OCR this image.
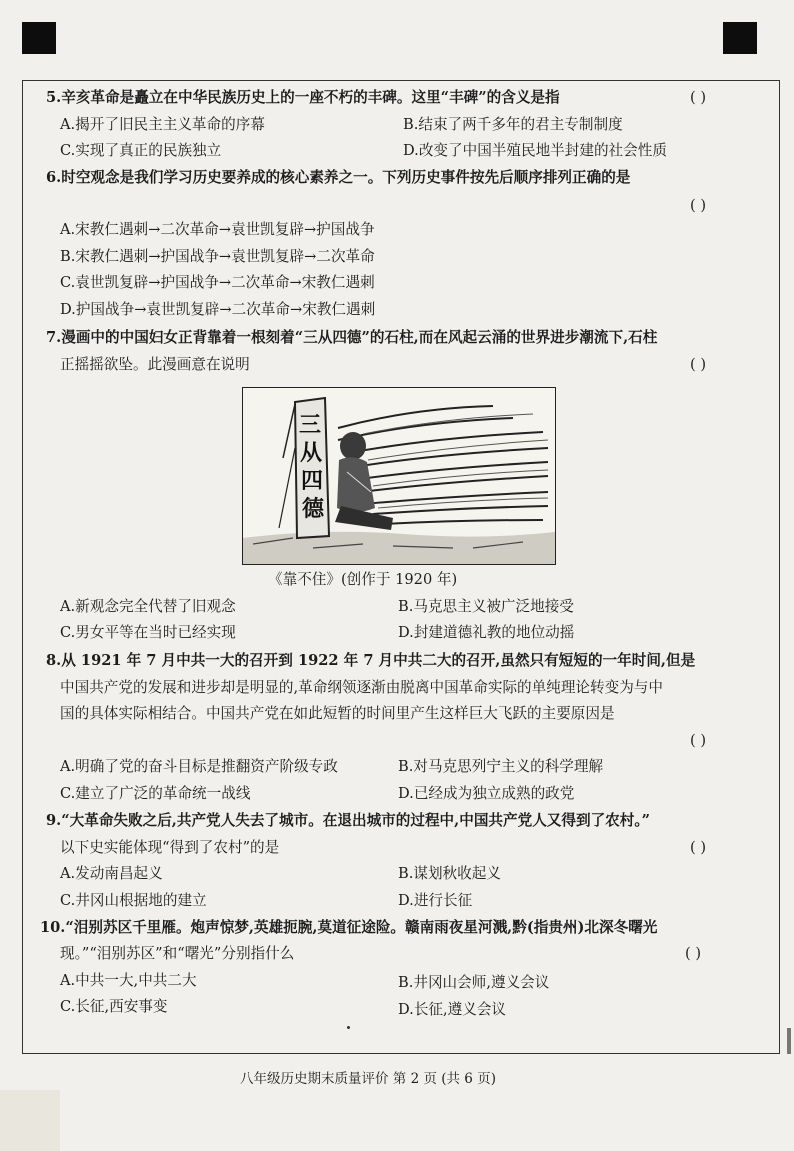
5.辛亥革命是矗立在中华民族历史上的一座不朽的丰碑。这里“丰碑”的含义是指	( )
A.揭开了旧民主主义革命的序幕	B.结束了两千多年的君主专制制度
C.实现了真正的民族独立	D.改变了中国半殖民地半封建的社会性质
6.时空观念是我们学习历史要养成的核心素养之一。下列历史事件按先后顺序排列正确的是
( )
A.宋教仁遇刺→二次革命→袁世凯复辟→护国战争
B.宋教仁遇刺→护国战争→袁世凯复辟→二次革命
C.袁世凯复辟→护国战争→二次革命→宋教仁遇刺
D.护国战争→袁世凯复辟→二次革命→宋教仁遇刺
7.漫画中的中国妇女正背靠着一根刻着“三从四德”的石柱,而在风起云涌的世界进步潮流下,石柱
正摇摇欲坠。此漫画意在说明	( )
三
从
四
德
《靠不住》(创作于 1920 年)
A.新观念完全代替了旧观念	B.马克思主义被广泛地接受
C.男女平等在当时已经实现	D.封建道德礼教的地位动摇
8.从 1921 年 7 月中共一大的召开到 1922 年 7 月中共二大的召开,虽然只有短短的一年时间,但是
中国共产党的发展和进步却是明显的,革命纲领逐渐由脱离中国革命实际的单纯理论转变为与中
国的具体实际相结合。中国共产党在如此短暂的时间里产生这样巨大飞跃的主要原因是
( )
A.明确了党的奋斗目标是推翻资产阶级专政	B.对马克思列宁主义的科学理解
C.建立了广泛的革命统一战线	D.已经成为独立成熟的政党
9.“大革命失败之后,共产党人失去了城市。在退出城市的过程中,中国共产党人又得到了农村。”
以下史实能体现“得到了农村”的是	( )
A.发动南昌起义	B.谋划秋收起义
C.井冈山根据地的建立	D.进行长征
10.“泪别苏区千里雁。炮声惊梦,英雄扼腕,莫道征途险。赣南雨夜星河溅,黔(指贵州)北深冬曙光
现。”“泪别苏区”和“曙光”分别指什么	( )
A.中共一大,中共二大	B.井冈山会师,遵义会议
C.长征,西安事变	D.长征,遵义会议
八年级历史期末质量评价 第 2 页 (共 6 页)
